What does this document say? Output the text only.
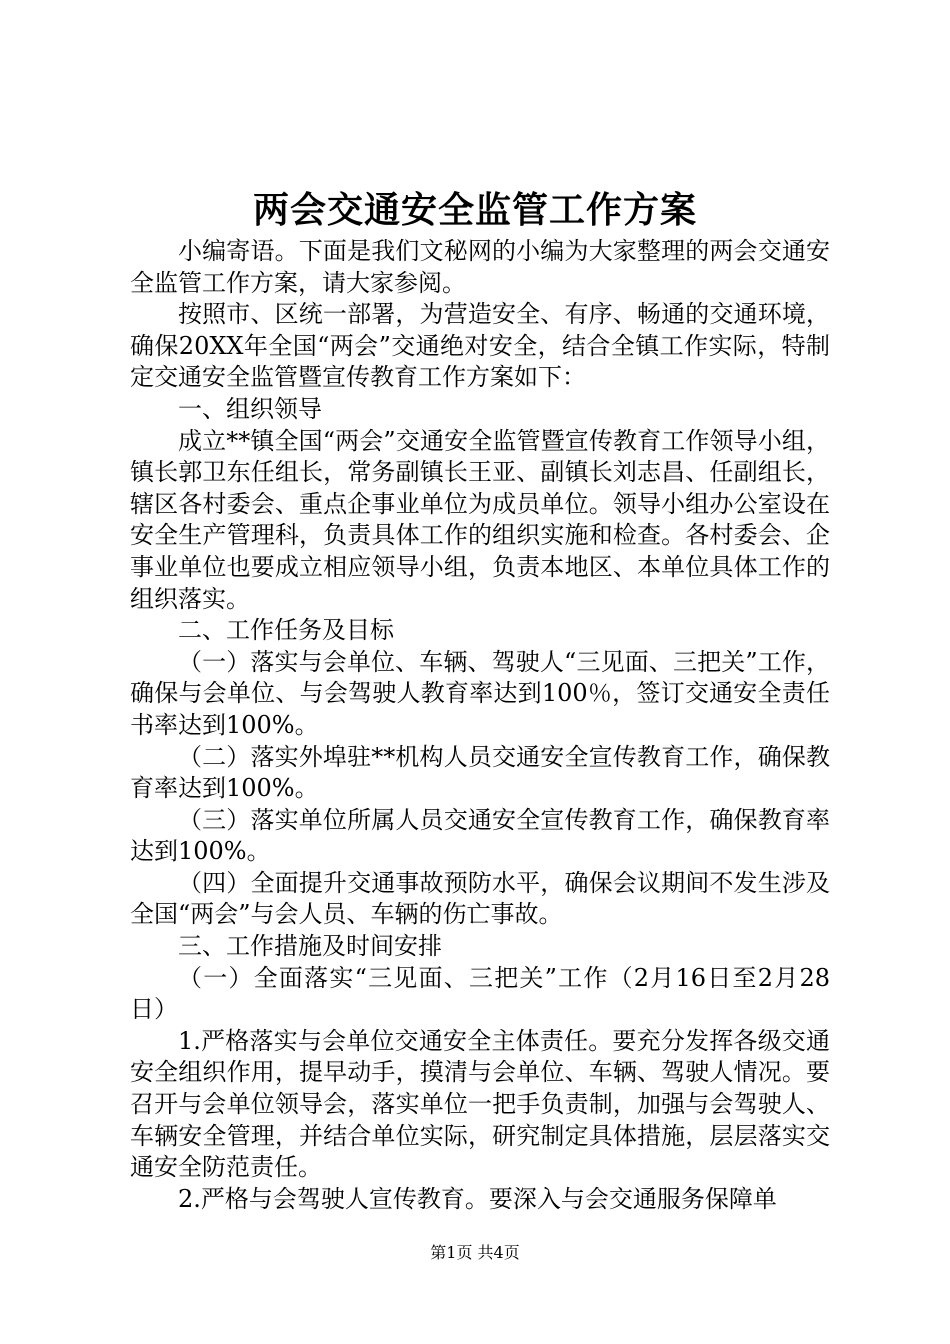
两会交通安全监管工作方案

小编寄语。下面是我们文秘网的小编为大家整理的两会交通安全监管工作方案，请大家参阅。

按照市、区统一部署，为营造安全、有序、畅通的交通环境，确保20XX年全国“两会”交通绝对安全，结合全镇工作实际，特制定交通安全监管暨宣传教育工作方案如下：

一、组织领导

成立**镇全国“两会”交通安全监管暨宣传教育工作领导小组，镇长郭卫东任组长，常务副镇长王亚、副镇长刘志昌、任副组长，辖区各村委会、重点企事业单位为成员单位。领导小组办公室设在安全生产管理科，负责具体工作的组织实施和检查。各村委会、企事业单位也要成立相应领导小组，负责本地区、本单位具体工作的组织落实。

二、工作任务及目标

（一）落实与会单位、车辆、驾驶人“三见面、三把关”工作，确保与会单位、与会驾驶人教育率达到100％，签订交通安全责任书率达到100%。

（二）落实外埠驻**机构人员交通安全宣传教育工作，确保教育率达到100%。

（三）落实单位所属人员交通安全宣传教育工作，确保教育率达到100%。

（四）全面提升交通事故预防水平，确保会议期间不发生涉及全国“两会”与会人员、车辆的伤亡事故。

三、工作措施及时间安排

（一）全面落实“三见面、三把关”工作（2月16日至2月28日）

1.严格落实与会单位交通安全主体责任。要充分发挥各级交通安全组织作用，提早动手，摸清与会单位、车辆、驾驶人情况。要召开与会单位领导会，落实单位一把手负责制，加强与会驾驶人、车辆安全管理，并结合单位实际，研究制定具体措施，层层落实交通安全防范责任。

2.严格与会驾驶人宣传教育。要深入与会交通服务保障单

第1页 共4页
